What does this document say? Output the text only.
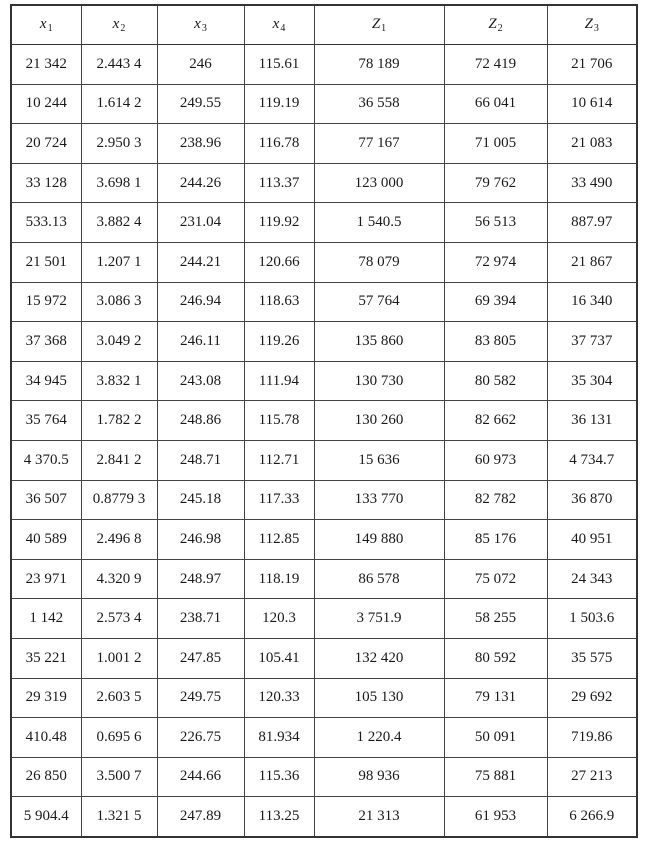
$x_1$	$x_2$	$x_3$	$x_4$	$Z_1$	$Z_2$	$Z_3$
21 342	2.443 4	246	115.61	78 189	72 419	21 706
10 244	1.614 2	249.55	119.19	36 558	66 041	10 614
20 724	2.950 3	238.96	116.78	77 167	71 005	21 083
33 128	3.698 1	244.26	113.37	123 000	79 762	33 490
533.13	3.882 4	231.04	119.92	1 540.5	56 513	887.97
21 501	1.207 1	244.21	120.66	78 079	72 974	21 867
15 972	3.086 3	246.94	118.63	57 764	69 394	16 340
37 368	3.049 2	246.11	119.26	135 860	83 805	37 737
34 945	3.832 1	243.08	111.94	130 730	80 582	35 304
35 764	1.782 2	248.86	115.78	130 260	82 662	36 131
4 370.5	2.841 2	248.71	112.71	15 636	60 973	4 734.7
36 507	0.8779 3	245.18	117.33	133 770	82 782	36 870
40 589	2.496 8	246.98	112.85	149 880	85 176	40 951
23 971	4.320 9	248.97	118.19	86 578	75 072	24 343
1 142	2.573 4	238.71	120.3	3 751.9	58 255	1 503.6
35 221	1.001 2	247.85	105.41	132 420	80 592	35 575
29 319	2.603 5	249.75	120.33	105 130	79 131	29 692
410.48	0.695 6	226.75	81.934	1 220.4	50 091	719.86
26 850	3.500 7	244.66	115.36	98 936	75 881	27 213
5 904.4	1.321 5	247.89	113.25	21 313	61 953	6 266.9
